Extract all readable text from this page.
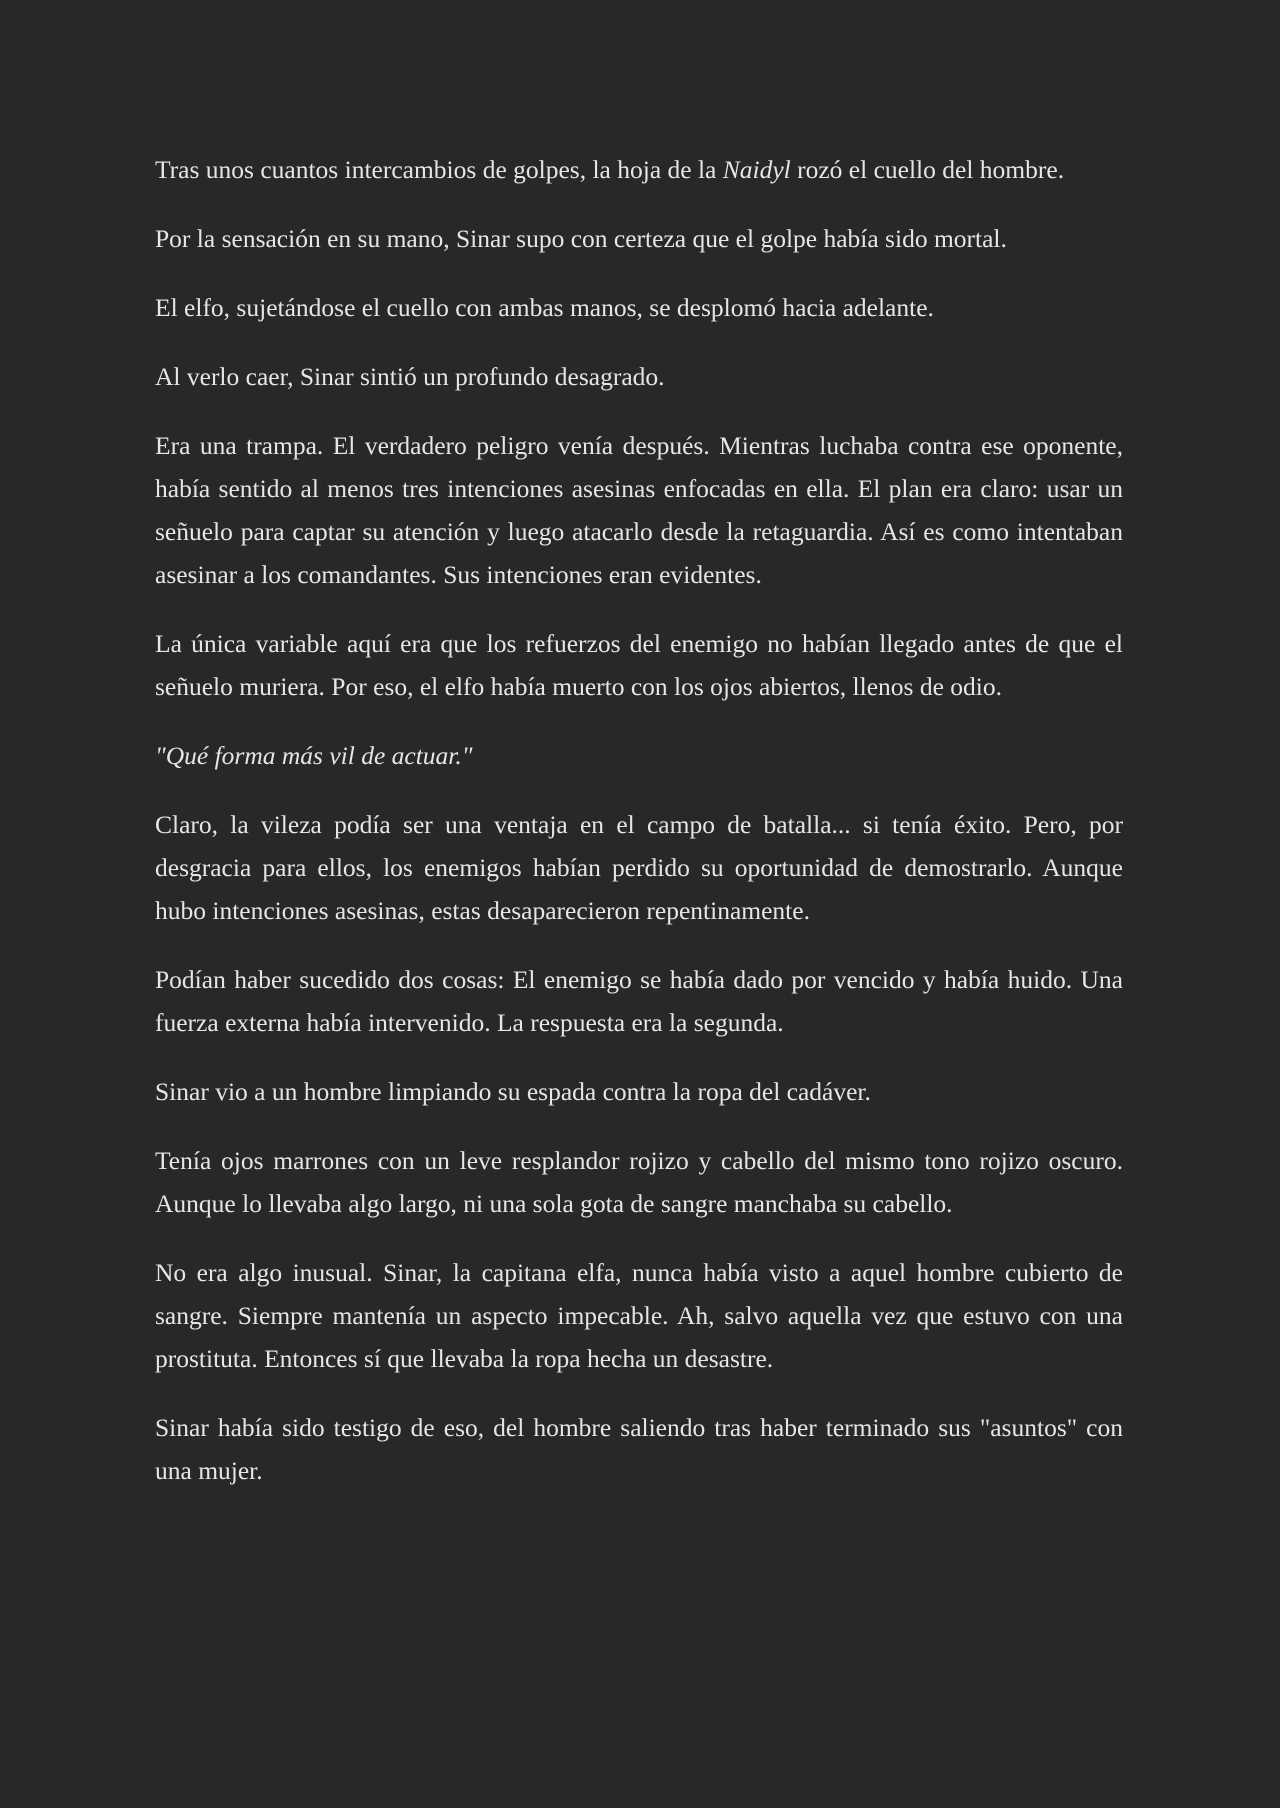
Tras unos cuantos intercambios de golpes, la hoja de la Naidyl rozó el cuello del hombre.

Por la sensación en su mano, Sinar supo con certeza que el golpe había sido mortal.

El elfo, sujetándose el cuello con ambas manos, se desplomó hacia adelante.

Al verlo caer, Sinar sintió un profundo desagrado.

Era una trampa. El verdadero peligro venía después. Mientras luchaba contra ese oponente, había sentido al menos tres intenciones asesinas enfocadas en ella. El plan era claro: usar un señuelo para captar su atención y luego atacarlo desde la retaguardia. Así es como intentaban asesinar a los comandantes. Sus intenciones eran evidentes.

La única variable aquí era que los refuerzos del enemigo no habían llegado antes de que el señuelo muriera. Por eso, el elfo había muerto con los ojos abiertos, llenos de odio.

"Qué forma más vil de actuar."

Claro, la vileza podía ser una ventaja en el campo de batalla... si tenía éxito. Pero, por desgracia para ellos, los enemigos habían perdido su oportunidad de demostrarlo. Aunque hubo intenciones asesinas, estas desaparecieron repentinamente.

Podían haber sucedido dos cosas: El enemigo se había dado por vencido y había huido. Una fuerza externa había intervenido. La respuesta era la segunda.

Sinar vio a un hombre limpiando su espada contra la ropa del cadáver.

Tenía ojos marrones con un leve resplandor rojizo y cabello del mismo tono rojizo oscuro. Aunque lo llevaba algo largo, ni una sola gota de sangre manchaba su cabello.

No era algo inusual. Sinar, la capitana elfa, nunca había visto a aquel hombre cubierto de sangre. Siempre mantenía un aspecto impecable. Ah, salvo aquella vez que estuvo con una prostituta. Entonces sí que llevaba la ropa hecha un desastre.

Sinar había sido testigo de eso, del hombre saliendo tras haber terminado sus "asuntos" con una mujer.
